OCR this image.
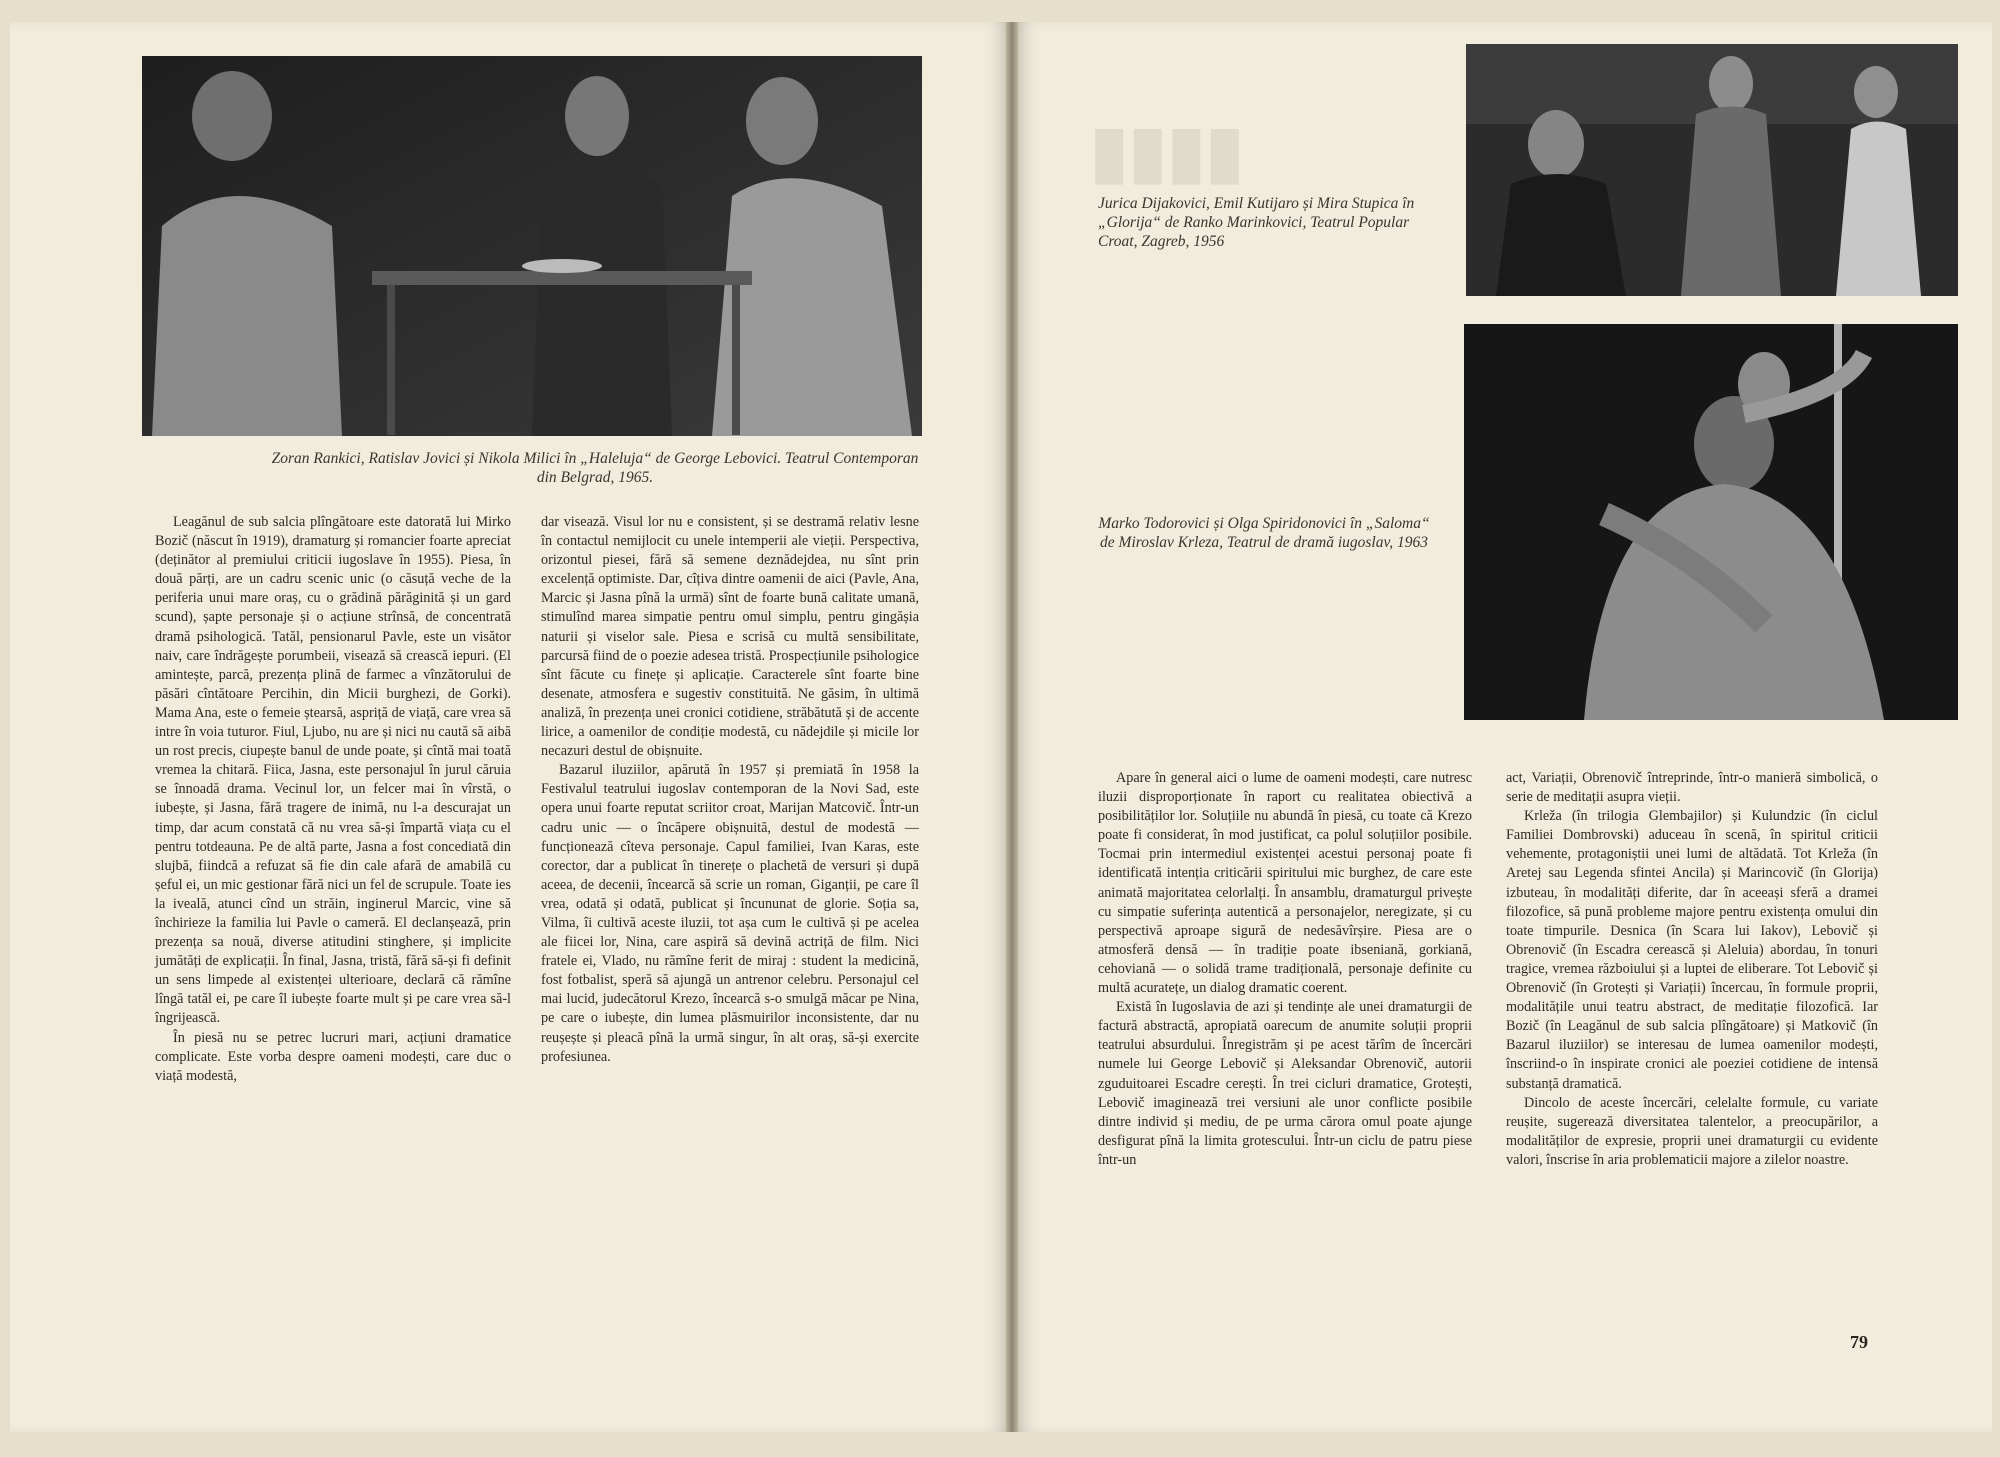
▮▮▮▮
Zoran Rankici, Ratislav Jovici și Nikola Milici în „Haleluja“ de George Lebovici. Teatrul Contemporan din Belgrad, 1965.
Jurica Dijakovici, Emil Kutijaro și Mira Stupica în „Glorija“ de Ranko Marinkovici, Teatrul Popular Croat, Zagreb, 1956
Marko Todorovici și Olga Spiridonovici în „Saloma“ de Miroslav Krleza, Teatrul de dramă iugoslav, 1963

Leagănul de sub salcia plîngătoare este datorată lui Mirko Bozič (născut în 1919), dramaturg și romancier foarte apreciat (deținător al premiului criticii iugoslave în 1955). Piesa, în două părți, are un cadru scenic unic (o căsuță veche de la periferia unui mare oraș, cu o grădină părăginită și un gard scund), șapte personaje și o acțiune strînsă, de concentrată dramă psihologică. Tatăl, pensionarul Pavle, este un visător naiv, care îndrăgește porumbeii, visează să crească iepuri. (El amintește, parcă, prezența plină de farmec a vînzătorului de păsări cîntătoare Percihin, din Micii burghezi, de Gorki). Mama Ana, este o femeie ștearsă, aspriță de viață, care vrea să intre în voia tuturor. Fiul, Ljubo, nu are și nici nu caută să aibă un rost precis, ciupește banul de unde poate, și cîntă mai toată vremea la chitară. Fiica, Jasna, este personajul în jurul căruia se înnoadă drama. Vecinul lor, un felcer mai în vîrstă, o iubește, și Jasna, fără tragere de inimă, nu l-a descurajat un timp, dar acum constată că nu vrea să-și împartă viața cu el pentru totdeauna. Pe de altă parte, Jasna a fost concediată din slujbă, fiindcă a refuzat să fie din cale afară de amabilă cu șeful ei, un mic gestionar fără nici un fel de scrupule. Toate ies la iveală, atunci cînd un străin, inginerul Marcic, vine să închirieze la familia lui Pavle o cameră. El declanșează, prin prezența sa nouă, diverse atitudini stinghere, și implicite jumătăți de explicații. În final, Jasna, tristă, fără să-și fi definit un sens limpede al existenței ulterioare, declară că rămîne lîngă tatăl ei, pe care îl iubește foarte mult și pe care vrea să-l îngrijească.

În piesă nu se petrec lucruri mari, acțiuni dramatice complicate. Este vorba despre oameni modești, care duc o viață modestă,

dar visează. Visul lor nu e consistent, și se destramă relativ lesne în contactul nemijlocit cu unele intemperii ale vieții. Perspectiva, orizontul piesei, fără să semene deznădejdea, nu sînt prin excelență optimiste. Dar, cîțiva dintre oamenii de aici (Pavle, Ana, Marcic și Jasna pînă la urmă) sînt de foarte bună calitate umană, stimulînd marea simpatie pentru omul simplu, pentru gingășia naturii și viselor sale. Piesa e scrisă cu multă sensibilitate, parcursă fiind de o poezie adesea tristă. Prospecțiunile psihologice sînt făcute cu finețe și aplicație. Caracterele sînt foarte bine desenate, atmosfera e sugestiv constituită. Ne găsim, în ultimă analiză, în prezența unei cronici cotidiene, străbătută și de accente lirice, a oamenilor de condiție modestă, cu nădejdile și micile lor necazuri destul de obișnuite.

Bazarul iluziilor, apărută în 1957 și premiată în 1958 la Festivalul teatrului iugoslav contemporan de la Novi Sad, este opera unui foarte reputat scriitor croat, Marijan Matcovič. Într-un cadru unic — o încăpere obișnuită, destul de modestă — funcționează cîteva personaje. Capul familiei, Ivan Karas, este corector, dar a publicat în tinerețe o plachetă de versuri și după aceea, de decenii, încearcă să scrie un roman, Giganții, pe care îl vrea, odată și odată, publicat și încununat de glorie. Soția sa, Vilma, îi cultivă aceste iluzii, tot așa cum le cultivă și pe acelea ale fiicei lor, Nina, care aspiră să devină actriță de film. Nici fratele ei, Vlado, nu rămîne ferit de miraj : student la medicină, fost fotbalist, speră să ajungă un antrenor celebru. Personajul cel mai lucid, judecătorul Krezo, încearcă s-o smulgă măcar pe Nina, pe care o iubește, din lumea plăsmuirilor inconsistente, dar nu reușește și pleacă pînă la urmă singur, în alt oraș, să-și exercite profesiunea.

Apare în general aici o lume de oameni modești, care nutresc iluzii disproporționate în raport cu realitatea obiectivă a posibilităților lor. Soluțiile nu abundă în piesă, cu toate că Krezo poate fi considerat, în mod justificat, ca polul soluțiilor posibile. Tocmai prin intermediul existenței acestui personaj poate fi identificată intenția criticării spiritului mic burghez, de care este animată majoritatea celorlalți. În ansamblu, dramaturgul privește cu simpatie suferința autentică a personajelor, neregizate, și cu perspectivă aproape sigură de nedesăvîrșire. Piesa are o atmosferă densă — în tradiție poate ibseniană, gorkiană, cehoviană — o solidă trame tradițională, personaje definite cu multă acuratețe, un dialog dramatic coerent.

Există în Iugoslavia de azi și tendințe ale unei dramaturgii de factură abstractă, apropiată oarecum de anumite soluții proprii teatrului absurdului. Înregistrăm și pe acest tărîm de încercări numele lui George Lebovič și Aleksandar Obrenovič, autorii zguduitoarei Escadre cerești. În trei cicluri dramatice, Grotești, Lebovič imaginează trei versiuni ale unor conflicte posibile dintre individ și mediu, de pe urma cărora omul poate ajunge desfigurat pînă la limita grotescului. Într-un ciclu de patru piese într-un

act, Variații, Obrenovič întreprinde, într-o manieră simbolică, o serie de meditații asupra vieții.

Krleža (în trilogia Glembajilor) și Kulundzic (în ciclul Familiei Dombrovski) aduceau în scenă, în spiritul criticii vehemente, protagoniștii unei lumi de altădată. Tot Krleža (în Aretej sau Legenda sfintei Ancila) și Marincovič (în Glorija) izbuteau, în modalități diferite, dar în aceeași sferă a dramei filozofice, să pună probleme majore pentru existența omului din toate timpurile. Desnica (în Scara lui Iakov), Lebovič și Obrenovič (în Escadra cerească și Aleluia) abordau, în tonuri tragice, vremea războiului și a luptei de eliberare. Tot Lebovič și Obrenovič (în Grotești și Variații) încercau, în formule proprii, modalitățile unui teatru abstract, de meditație filozofică. Iar Bozič (în Leagănul de sub salcia plîngătoare) și Matkovič (în Bazarul iluziilor) se interesau de lumea oamenilor modești, înscriind-o în inspirate cronici ale poeziei cotidiene de intensă substanță dramatică.

Dincolo de aceste încercări, celelalte formule, cu variate reușite, sugerează diversitatea talentelor, a preocupărilor, a modalităților de expresie, proprii unei dramaturgii cu evidente valori, înscrise în aria problematicii majore a zilelor noastre.

79
